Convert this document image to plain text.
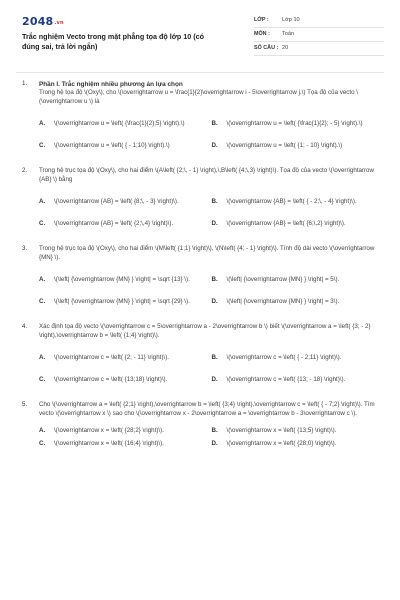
2048.vn
Trắc nghiệm Vecto trong mặt phẳng tọa độ lớp 10 (có đúng sai, trả lời ngắn)
LỚP :	Lớp 10
MÔN :	Toán
SỐ CÂU : 20
1. Phần I. Trắc nghiệm nhiều phương án lựa chọn
Trong hệ tọa độ \(Oxy\), cho \(\overrightarrow u = \frac{1}{2}\overrightarrow i - 5\overrightarrow j.\) Tọa độ của vecto \(\overrightarrow u \) là
A.	\(\overrightarrow u = \left( {\frac{1}{2};5} \right).\)	B.	\(\overrightarrow u = \left( {\frac{1}{2}; - 5} \right).\)
C.	\(\overrightarrow u = \left( { - 1;10} \right).\)	D.	\(\overrightarrow u = \left( {1; - 10} \right).\)
2. Trong hệ trục tọa độ \(Oxy\), cho hai điểm \(A\left( {2;\, - 1} \right),\,B\left( {4;\,3} \right)\). Tọa độ của vecto \(\overrightarrow {AB} \) bằng
A.	\(\overrightarrow {AB} = \left( {8;\, - 3} \right)\).	B.	\(\overrightarrow {AB} = \left( { - 2;\, - 4} \right)\).
C.	\(\overrightarrow {AB} = \left( {2;\,4} \right)\).	D.	\(\overrightarrow {AB} = \left( {6;\,2} \right)\).
3. Trong hệ trục tọa độ \(Oxy\), cho hai điểm \(M\left( {1;1} \right)\), \(N\left( {4; - 1} \right)\). Tính độ dài vecto \(\overrightarrow {MN} \).
A.	\(\left| {\overrightarrow {MN} } \right| = \sqrt {13} \).	B.	\(\left| {\overrightarrow {MN} } \right| = 5\).
C.	\(\left| {\overrightarrow {MN} } \right| = \sqrt {29} \).	D.	\(\left| {\overrightarrow {MN} } \right| = 3\).
4. Xác định tọa độ vecto \(\overrightarrow c = 5\overrightarrow a - 2\overrightarrow b \) biết \(\overrightarrow a = \left( {3; - 2} \right),\overrightarrow b = \left( {1;4} \right)\).
A.	\(\overrightarrow c = \left( {2; - 11} \right)\).	B.	\(\overrightarrow c = \left( { - 2;11} \right)\).
C.	\(\overrightarrow c = \left( {13;18} \right)\).	D.	\(\overrightarrow c = \left( {13; - 18} \right)\).
5. Cho \(\overrightarrow a = \left( {2;1} \right),\overrightarrow b = \left( {3;4} \right),\overrightarrow c = \left( { - 7;2} \right)\). Tìm vecto \(\overrightarrow x \) sao cho \(\overrightarrow x - 2\overrightarrow a = \overrightarrow b - 3\overrightarrow c \).
A.	\(\overrightarrow x = \left( {28;2} \right)\).	B.	\(\overrightarrow x = \left( {13;5} \right)\).
C.	\(\overrightarrow x = \left( {16;4} \right)\).	D.	\(\overrightarrow x = \left( {28;0} \right)\).
